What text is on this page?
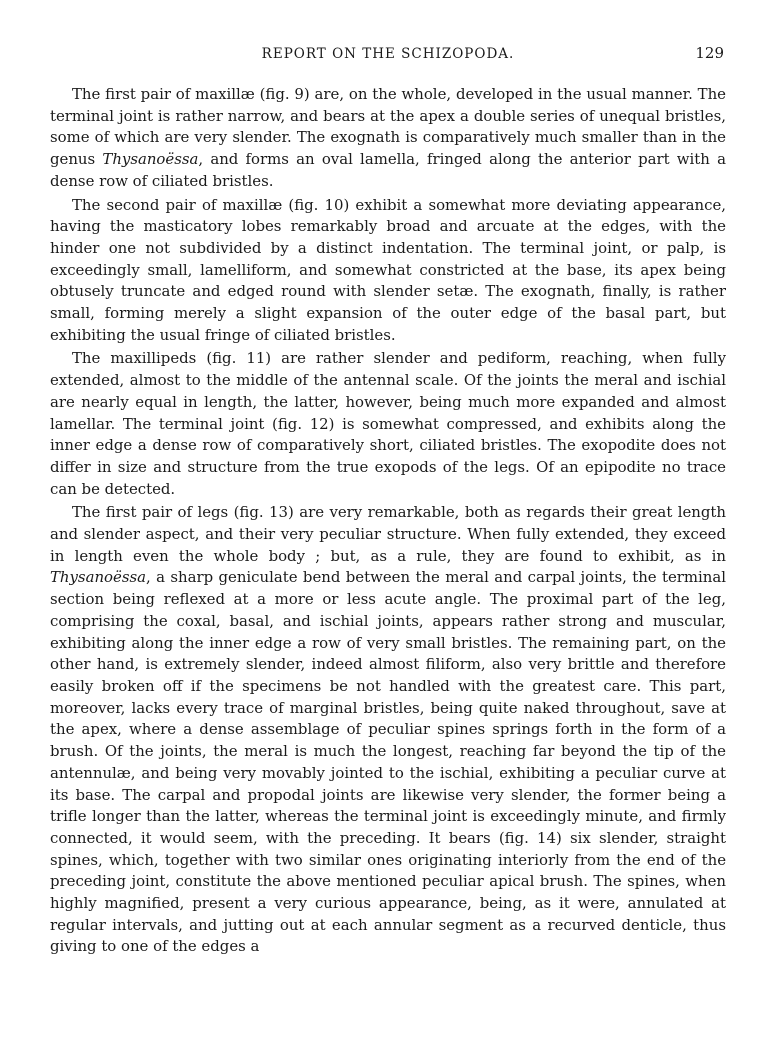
REPORT ON THE SCHIZOPODA.	129

The first pair of maxillæ (fig. 9) are, on the whole, developed in the usual manner. The terminal joint is rather narrow, and bears at the apex a double series of unequal bristles, some of which are very slender. The exognath is comparatively much smaller than in the genus Thysanoëssa, and forms an oval lamella, fringed along the anterior part with a dense row of ciliated bristles.

The second pair of maxillæ (fig. 10) exhibit a somewhat more deviating appearance, having the masticatory lobes remarkably broad and arcuate at the edges, with the hinder one not subdivided by a distinct indentation. The terminal joint, or palp, is exceedingly small, lamelliform, and somewhat constricted at the base, its apex being obtusely truncate and edged round with slender setæ. The exognath, finally, is rather small, forming merely a slight expansion of the outer edge of the basal part, but exhibiting the usual fringe of ciliated bristles.

The maxillipeds (fig. 11) are rather slender and pediform, reaching, when fully extended, almost to the middle of the antennal scale. Of the joints the meral and ischial are nearly equal in length, the latter, however, being much more expanded and almost lamellar. The terminal joint (fig. 12) is somewhat compressed, and exhibits along the inner edge a dense row of comparatively short, ciliated bristles. The exopodite does not differ in size and structure from the true exopods of the legs. Of an epipodite no trace can be detected.

The first pair of legs (fig. 13) are very remarkable, both as regards their great length and slender aspect, and their very peculiar structure. When fully extended, they exceed in length even the whole body ; but, as a rule, they are found to exhibit, as in Thysanoëssa, a sharp geniculate bend between the meral and carpal joints, the terminal section being reflexed at a more or less acute angle. The proximal part of the leg, comprising the coxal, basal, and ischial joints, appears rather strong and muscular, exhibiting along the inner edge a row of very small bristles. The remaining part, on the other hand, is extremely slender, indeed almost filiform, also very brittle and therefore easily broken off if the specimens be not handled with the greatest care. This part, moreover, lacks every trace of marginal bristles, being quite naked throughout, save at the apex, where a dense assemblage of peculiar spines springs forth in the form of a brush. Of the joints, the meral is much the longest, reaching far beyond the tip of the antennulæ, and being very movably jointed to the ischial, exhibiting a peculiar curve at its base. The carpal and propodal joints are likewise very slender, the former being a trifle longer than the latter, whereas the terminal joint is exceedingly minute, and firmly connected, it would seem, with the preceding. It bears (fig. 14) six slender, straight spines, which, together with two similar ones originating interiorly from the end of the preceding joint, constitute the above mentioned peculiar apical brush. The spines, when highly magnified, present a very curious appearance, being, as it were, annulated at regular intervals, and jutting out at each annular segment as a recurved denticle, thus giving to one of the edges a
